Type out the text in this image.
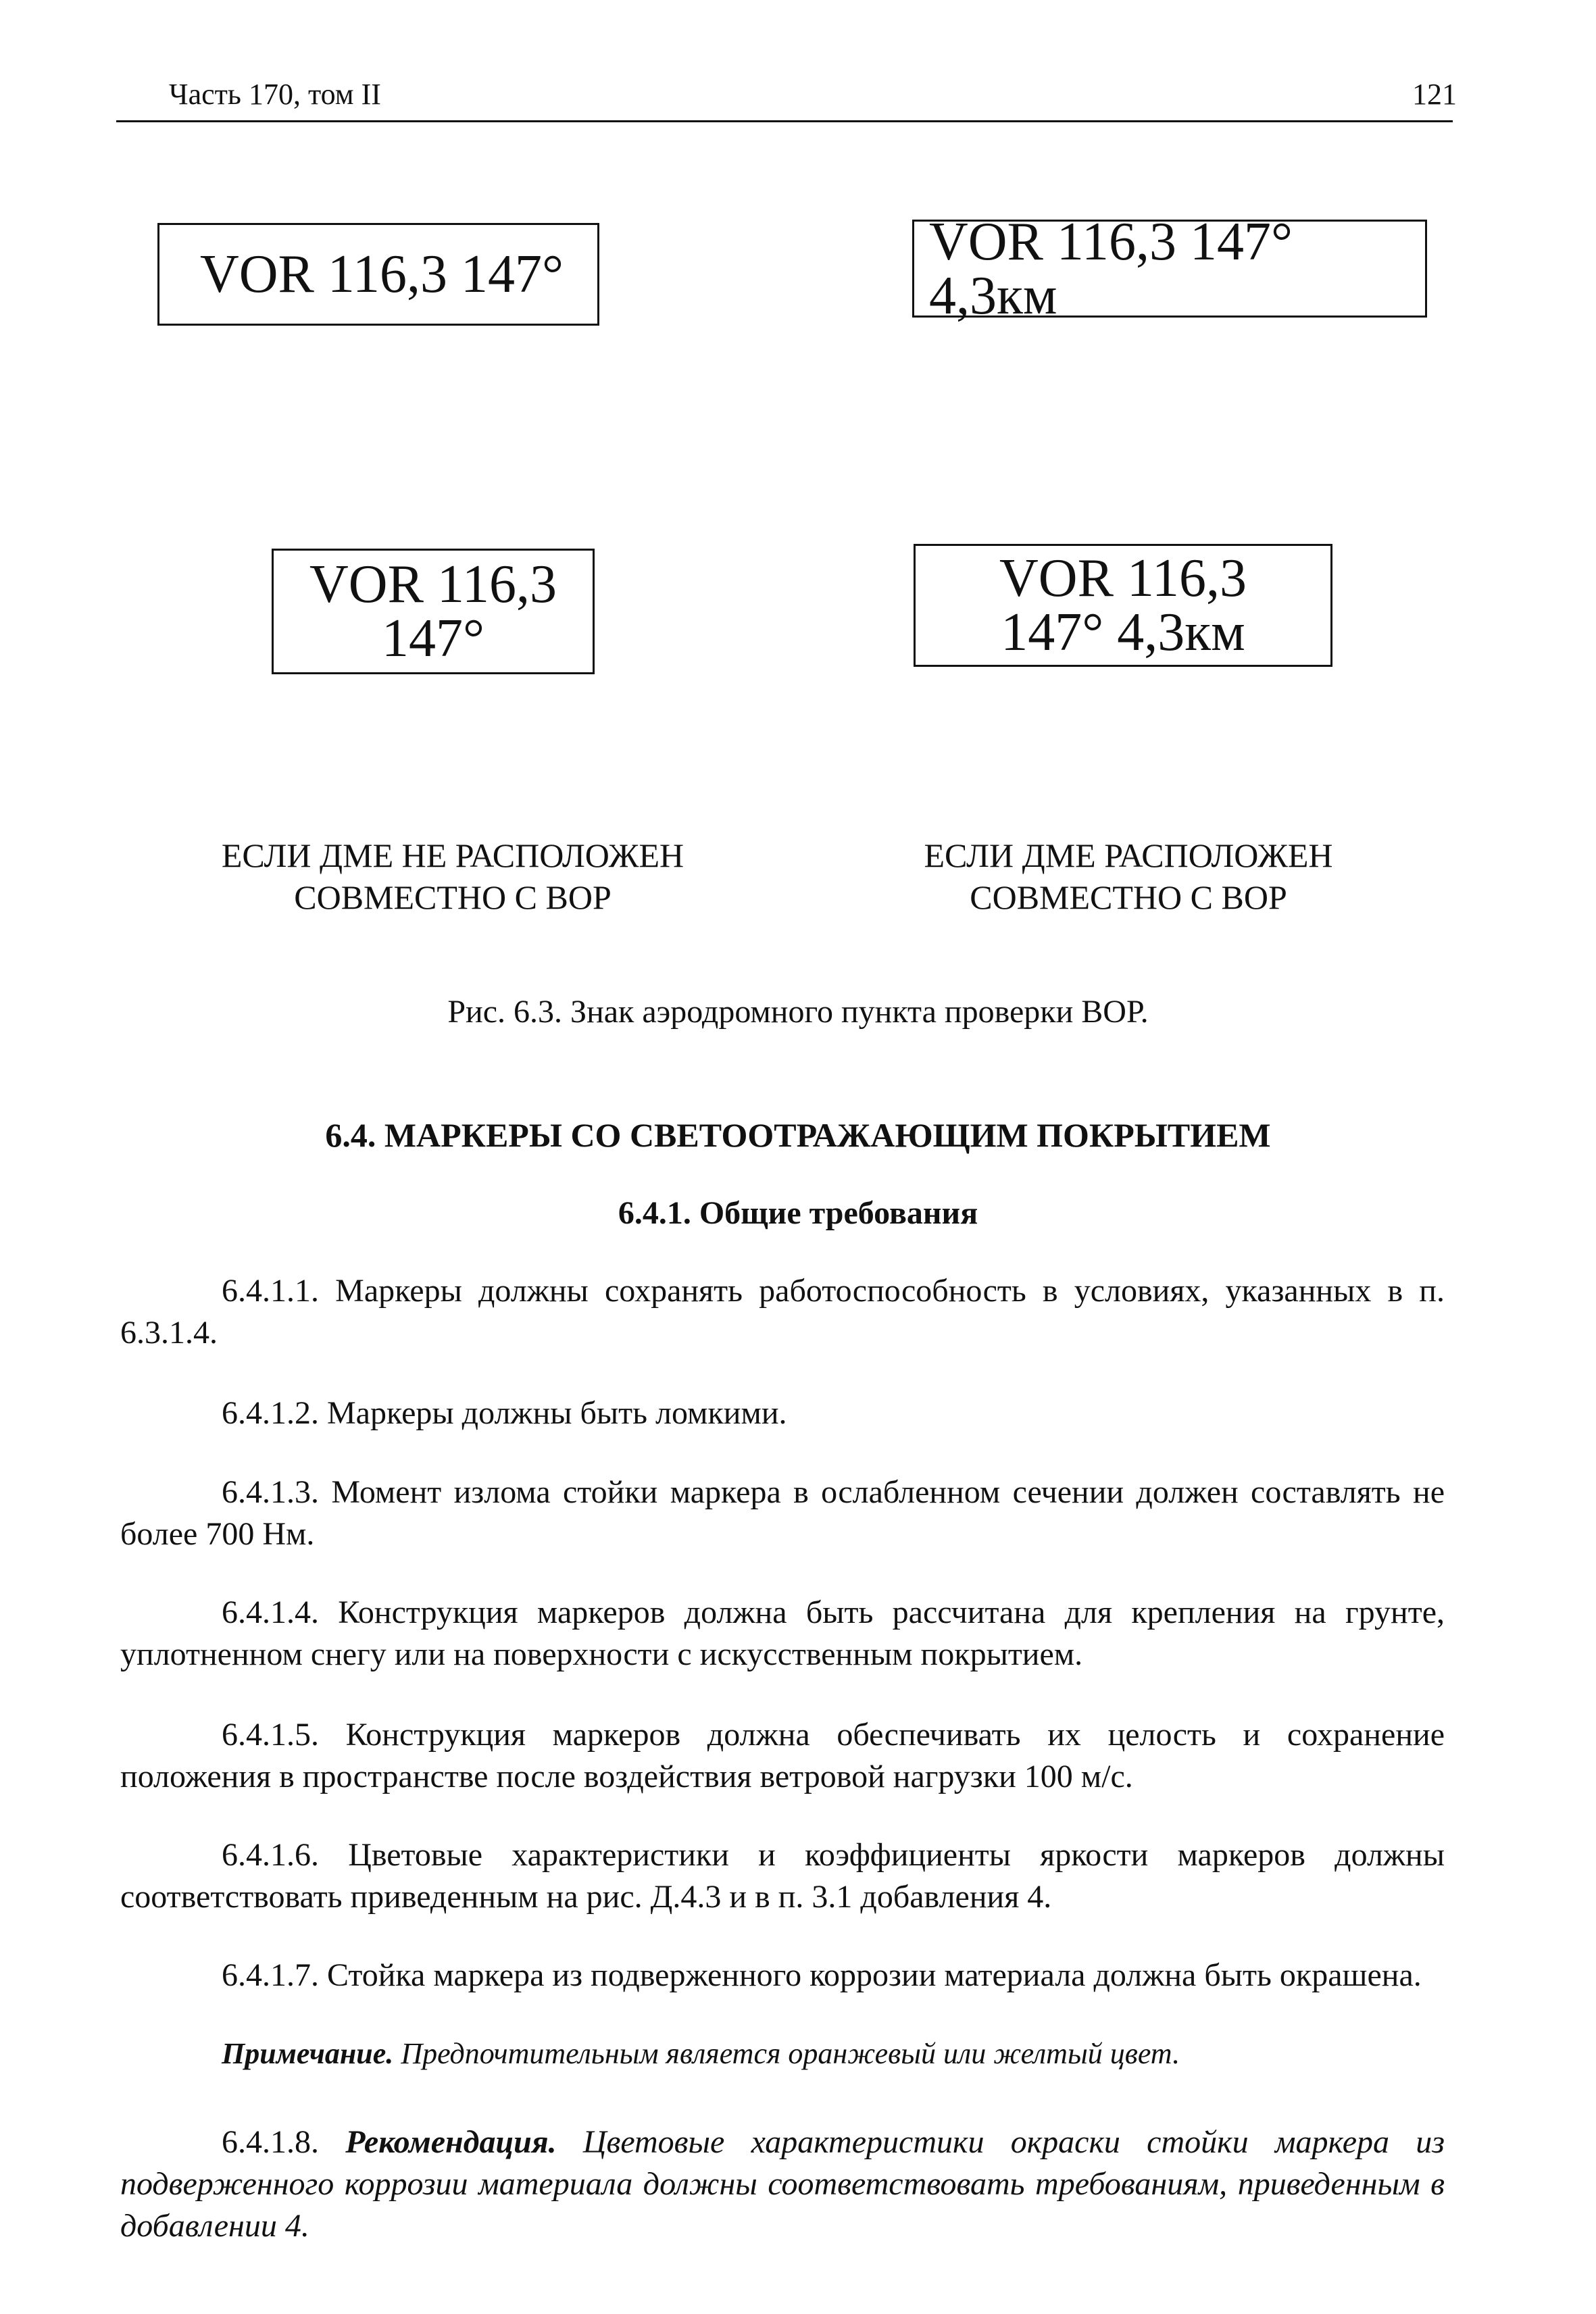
Часть 170, том II	121
VOR 116,3 147°
VOR 116,3 147° 4,3км
VOR 116,3
147°
VOR 116,3
147° 4,3км
ЕСЛИ ДМЕ НЕ РАСПОЛОЖЕН
СОВМЕСТНО С ВОР
ЕСЛИ ДМЕ РАСПОЛОЖЕН
СОВМЕСТНО С ВОР
Рис. 6.3. Знак аэродромного пункта проверки ВОР.
6.4. МАРКЕРЫ СО СВЕТООТРАЖАЮЩИМ ПОКРЫТИЕМ
6.4.1. Общие требования
6.4.1.1. Маркеры должны сохранять работоспособность в условиях, указанных в п. 6.3.1.4.
6.4.1.2. Маркеры должны быть ломкими.
6.4.1.3. Момент излома стойки маркера в ослабленном сечении должен составлять не более 700 Нм.
6.4.1.4. Конструкция маркеров должна быть рассчитана для крепления на грунте, уплотненном снегу или на поверхности с искусственным покрытием.
6.4.1.5. Конструкция маркеров должна обеспечивать их целость и сохранение положения в пространстве после воздействия ветровой нагрузки 100 м/с.
6.4.1.6. Цветовые характеристики и коэффициенты яркости маркеров должны соответствовать приведенным на рис. Д.4.3 и в п. 3.1 добавления 4.
6.4.1.7. Стойка маркера из подверженного коррозии материала должна быть окрашена.
Примечание. Предпочтительным является оранжевый или желтый цвет.
6.4.1.8. Рекомендация. Цветовые характеристики окраски стойки маркера из подверженного коррозии материала должны соответствовать требованиям, приведенным в добавлении 4.
